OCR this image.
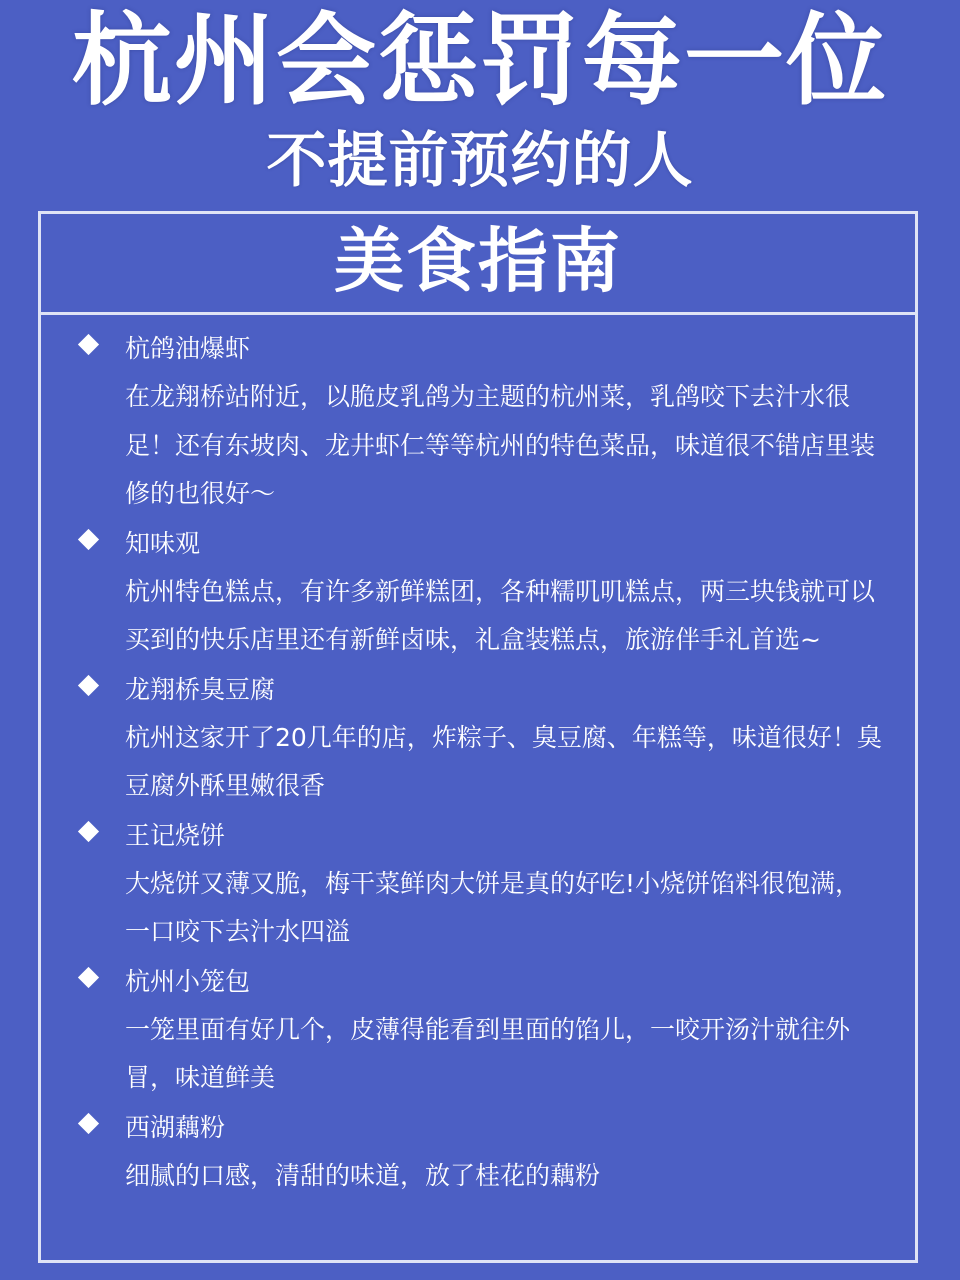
杭州会惩罚每一位
不提前预约的人
美食指南
杭鸽油爆虾
在龙翔桥站附近，以脆皮乳鸽为主题的杭州菜，乳鸽咬下去汁水很足！还有东坡肉、龙井虾仁等等杭州的特色菜品，味道很不错店里装修的也很好～
知味观
杭州特色糕点，有许多新鲜糕团，各种糯叽叽糕点，两三块钱就可以买到的快乐店里还有新鲜卤味，礼盒装糕点，旅游伴手礼首选~
龙翔桥臭豆腐
杭州这家开了20几年的店，炸粽子、臭豆腐、年糕等，味道很好！臭豆腐外酥里嫩很香
王记烧饼
大烧饼又薄又脆，梅干菜鲜肉大饼是真的好吃!小烧饼馅料很饱满，一口咬下去汁水四溢
杭州小笼包
一笼里面有好几个，皮薄得能看到里面的馅儿，一咬开汤汁就往外冒，味道鲜美
西湖藕粉
细腻的口感，清甜的味道，放了桂花的藕粉
